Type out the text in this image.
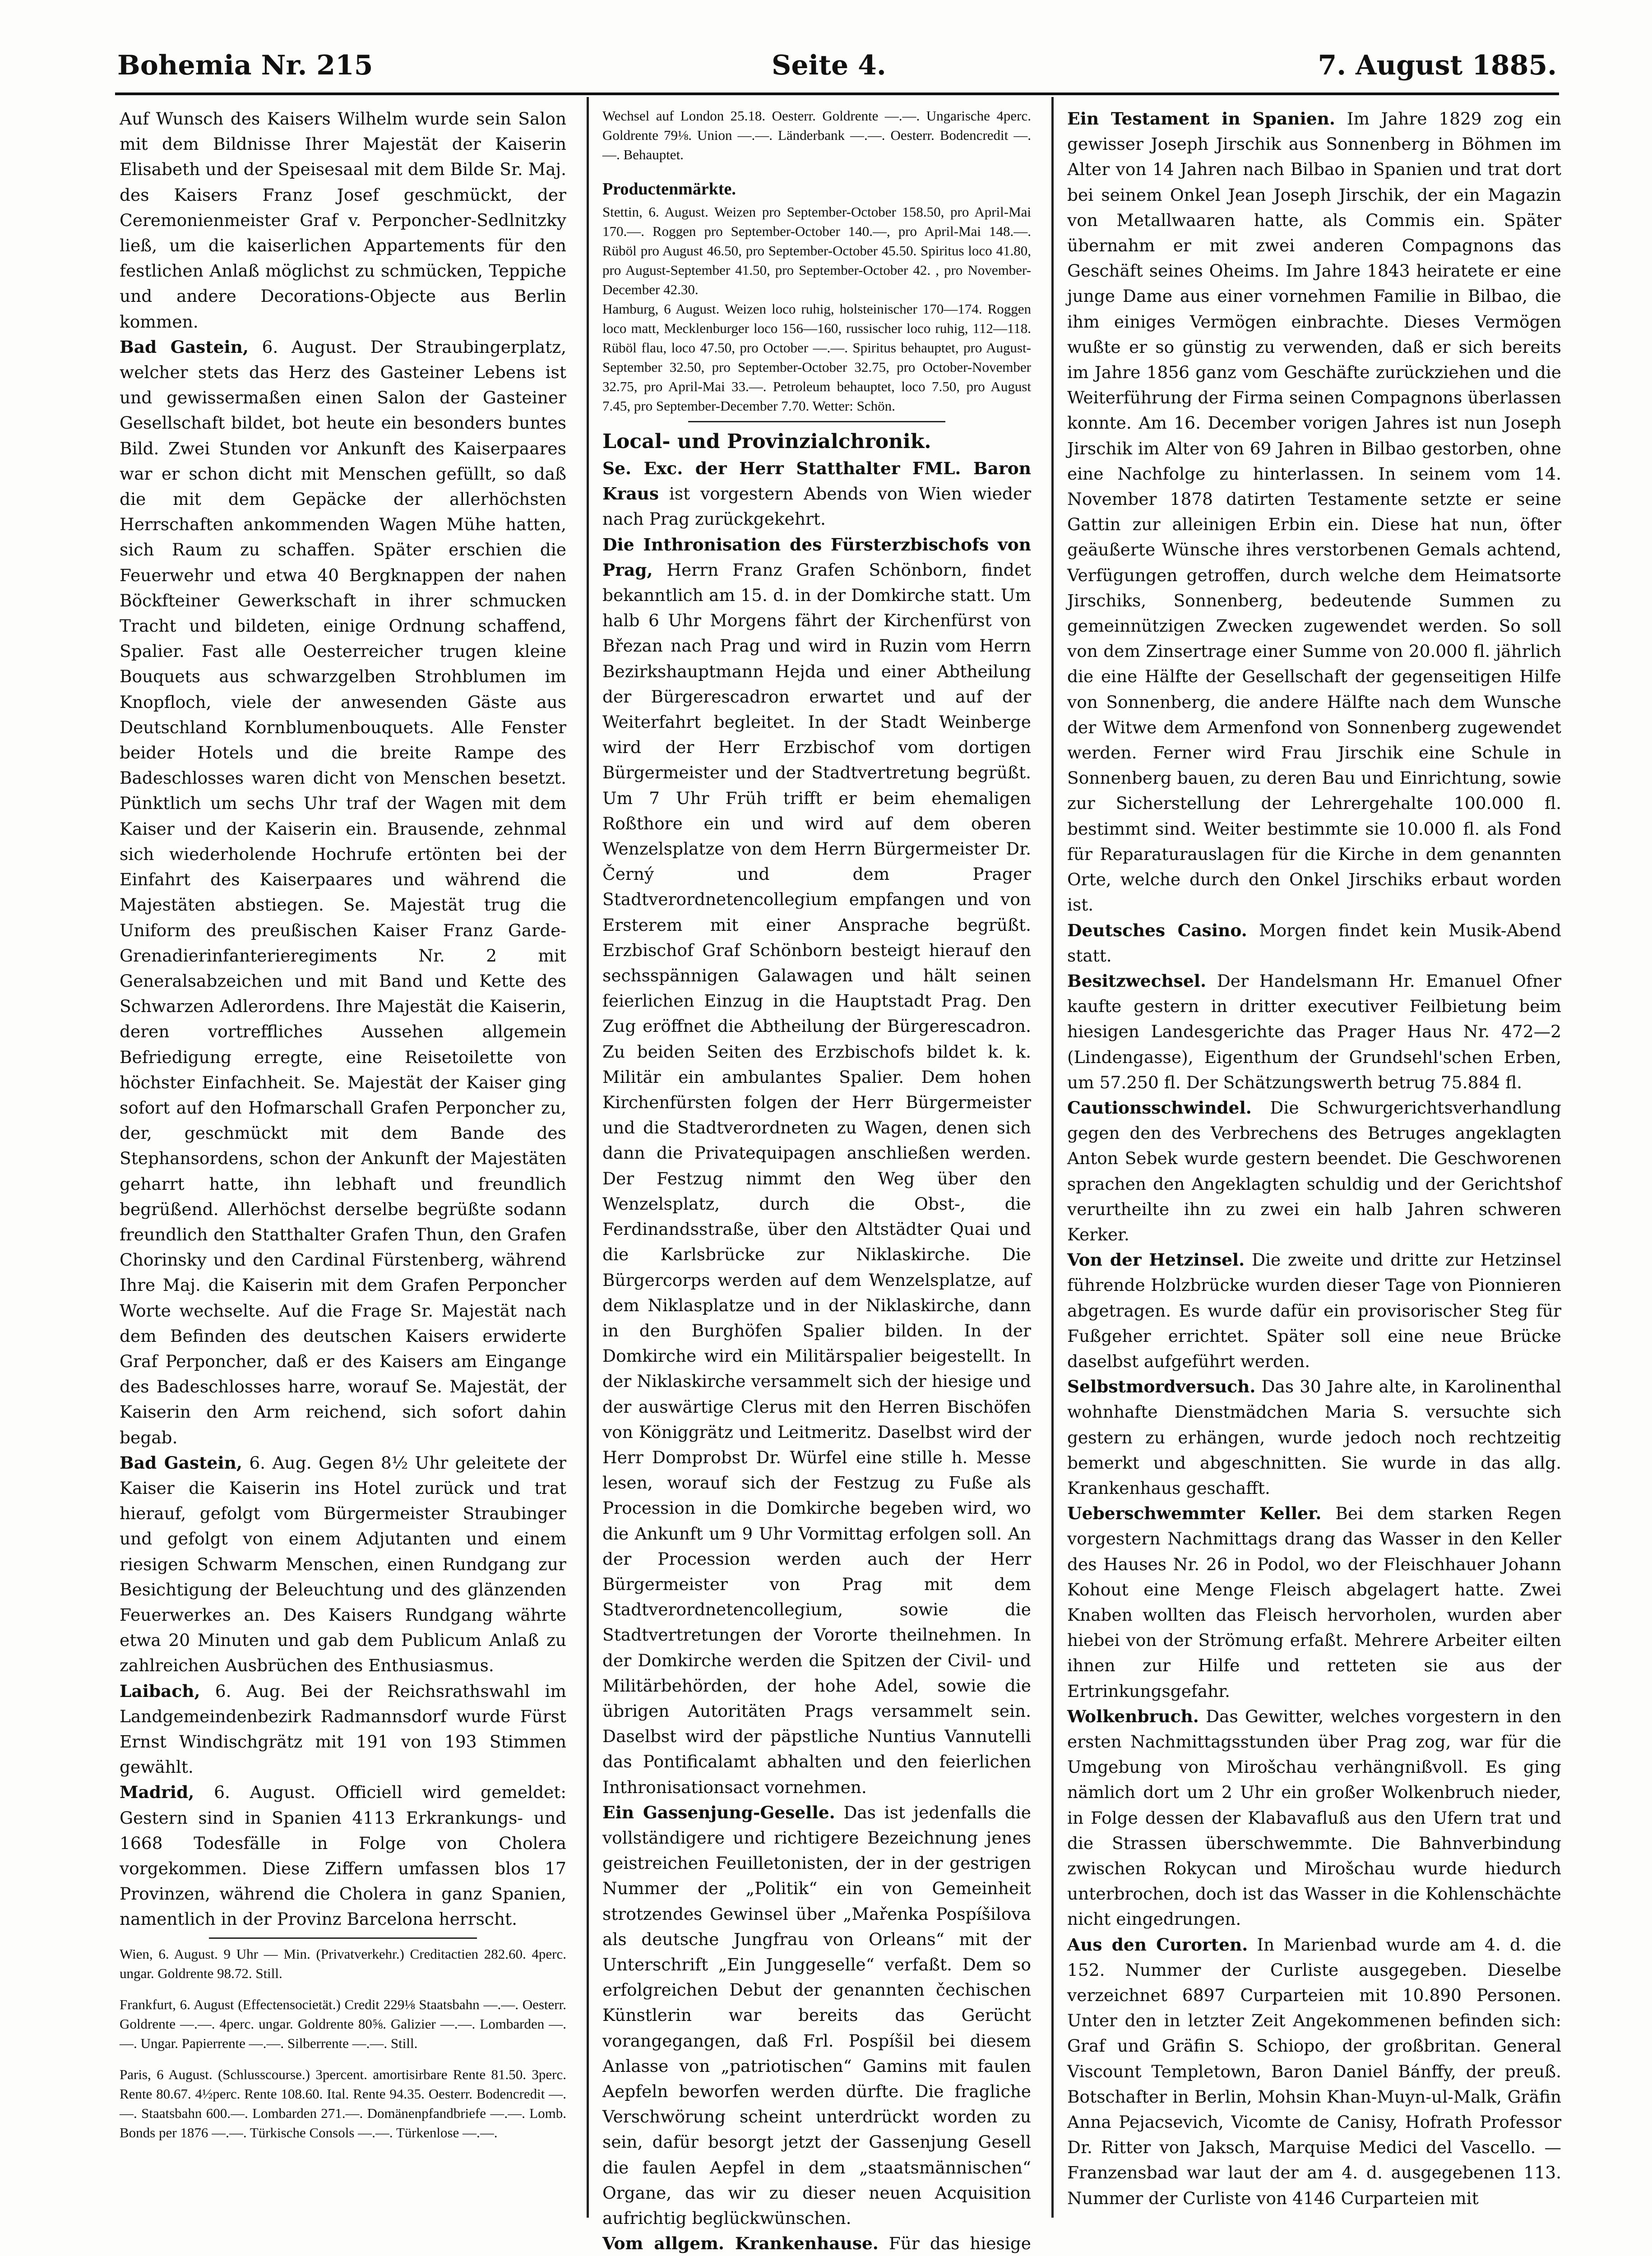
Bohemia Nr. 215	Seite 4.	7. August 1885.

Auf Wunsch des Kaisers Wilhelm wurde sein Salon mit dem Bildnisse Ihrer Majestät der Kaiserin Elisabeth und der Speisesaal mit dem Bilde Sr. Maj. des Kaisers Franz Josef geschmückt, der Ceremonienmeister Graf v. Perponcher-Sedlnitzky ließ, um die kaiserlichen Appartements für den festlichen Anlaß möglichst zu schmücken, Teppiche und andere Decorations-Objecte aus Berlin kommen.

Bad Gastein, 6. August. Der Straubingerplatz, welcher stets das Herz des Gasteiner Lebens ist und gewissermaßen einen Salon der Gasteiner Gesellschaft bildet, bot heute ein besonders buntes Bild. Zwei Stunden vor Ankunft des Kaiserpaares war er schon dicht mit Menschen gefüllt, so daß die mit dem Gepäcke der allerhöchsten Herrschaften ankommenden Wagen Mühe hatten, sich Raum zu schaffen. Später erschien die Feuerwehr und etwa 40 Bergknappen der nahen Böckfteiner Gewerkschaft in ihrer schmucken Tracht und bildeten, einige Ordnung schaffend, Spalier. Fast alle Oesterreicher trugen kleine Bouquets aus schwarzgelben Strohblumen im Knopfloch, viele der anwesenden Gäste aus Deutschland Kornblumenbouquets. Alle Fenster beider Hotels und die breite Rampe des Badeschlosses waren dicht von Menschen besetzt. Pünktlich um sechs Uhr traf der Wagen mit dem Kaiser und der Kaiserin ein. Brausende, zehnmal sich wiederholende Hochrufe ertönten bei der Einfahrt des Kaiserpaares und während die Majestäten abstiegen. Se. Majestät trug die Uniform des preußischen Kaiser Franz Garde-Grenadierinfanterieregiments Nr. 2 mit Generalsabzeichen und mit Band und Kette des Schwarzen Adlerordens. Ihre Majestät die Kaiserin, deren vortreffliches Aussehen allgemein Befriedigung erregte, eine Reisetoilette von höchster Einfachheit. Se. Majestät der Kaiser ging sofort auf den Hofmarschall Grafen Perponcher zu, der, geschmückt mit dem Bande des Stephansordens, schon der Ankunft der Majestäten geharrt hatte, ihn lebhaft und freundlich begrüßend. Allerhöchst derselbe begrüßte sodann freundlich den Statthalter Grafen Thun, den Grafen Chorinsky und den Cardinal Fürstenberg, während Ihre Maj. die Kaiserin mit dem Grafen Perponcher Worte wechselte. Auf die Frage Sr. Majestät nach dem Befinden des deutschen Kaisers erwiderte Graf Perponcher, daß er des Kaisers am Eingange des Badeschlosses harre, worauf Se. Majestät, der Kaiserin den Arm reichend, sich sofort dahin begab.

Bad Gastein, 6. Aug. Gegen 8½ Uhr geleitete der Kaiser die Kaiserin ins Hotel zurück und trat hierauf, gefolgt vom Bürgermeister Straubinger und gefolgt von einem Adjutanten und einem riesigen Schwarm Menschen, einen Rundgang zur Besichtigung der Beleuchtung und des glänzenden Feuerwerkes an. Des Kaisers Rundgang währte etwa 20 Minuten und gab dem Publicum Anlaß zu zahlreichen Ausbrüchen des Enthusiasmus.

Laibach, 6. Aug. Bei der Reichsrathswahl im Landgemeindenbezirk Radmannsdorf wurde Fürst Ernst Windischgrätz mit 191 von 193 Stimmen gewählt.

Madrid, 6. August. Officiell wird gemeldet: Gestern sind in Spanien 4113 Erkrankungs- und 1668 Todesfälle in Folge von Cholera vorgekommen. Diese Ziffern umfassen blos 17 Provinzen, während die Cholera in ganz Spanien, namentlich in der Provinz Barcelona herrscht.

Wien, 6. August. 9 Uhr — Min. (Privatverkehr.) Creditactien 282.60. 4perc. ungar. Goldrente 98.72. Still.

Frankfurt, 6. August (Effectensocietät.) Credit 229⅛ Staatsbahn —.—. Oesterr. Goldrente —.—. 4perc. ungar. Goldrente 80⅝. Galizier —.—. Lombarden —.—. Ungar. Papierrente —.—. Silberrente —.—. Still.

Paris, 6 August. (Schlusscourse.) 3percent. amortisirbare Rente 81.50. 3perc. Rente 80.67. 4½perc. Rente 108.60. Ital. Rente 94.35. Oesterr. Bodencredit —.—. Staatsbahn 600.—. Lombarden 271.—. Domänenpfandbriefe —.—. Lomb. Bonds per 1876 —.—. Türkische Consols —.—. Türkenlose —.—.

Wechsel auf London 25.18. Oesterr. Goldrente —.—. Ungarische 4perc. Goldrente 79⅛. Union —.—. Länderbank —.—. Oesterr. Bodencredit —.—. Behauptet.

Productenmärkte.

Stettin, 6. August. Weizen pro September-October 158.50, pro April-Mai 170.—. Roggen pro September-October 140.—, pro April-Mai 148.—. Rüböl pro August 46.50, pro September-October 45.50. Spiritus loco 41.80, pro August-September 41.50, pro September-October 42. , pro November-December 42.30.

Hamburg, 6 August. Weizen loco ruhig, holsteinischer 170—174. Roggen loco matt, Mecklenburger loco 156—160, russischer loco ruhig, 112—118. Rüböl flau, loco 47.50, pro October —.—. Spiritus behauptet, pro August-September 32.50, pro September-October 32.75, pro October-November 32.75, pro April-Mai 33.—. Petroleum behauptet, loco 7.50, pro August 7.45, pro September-December 7.70. Wetter: Schön.

Local- und Provinzialchronik.

Se. Exc. der Herr Statthalter FML. Baron Kraus ist vorgestern Abends von Wien wieder nach Prag zurückgekehrt.

Die Inthronisation des Fürsterzbischofs von Prag, Herrn Franz Grafen Schönborn, findet bekanntlich am 15. d. in der Domkirche statt. Um halb 6 Uhr Morgens fährt der Kirchenfürst von Březan nach Prag und wird in Ruzin vom Herrn Bezirkshauptmann Hejda und einer Abtheilung der Bürgerescadron erwartet und auf der Weiterfahrt begleitet. In der Stadt Weinberge wird der Herr Erzbischof vom dortigen Bürgermeister und der Stadtvertretung begrüßt. Um 7 Uhr Früh trifft er beim ehemaligen Roßthore ein und wird auf dem oberen Wenzelsplatze von dem Herrn Bürgermeister Dr. Černý und dem Prager Stadtverordnetencollegium empfangen und von Ersterem mit einer Ansprache begrüßt. Erzbischof Graf Schönborn besteigt hierauf den sechsspännigen Galawagen und hält seinen feierlichen Einzug in die Hauptstadt Prag. Den Zug eröffnet die Abtheilung der Bürgerescadron. Zu beiden Seiten des Erzbischofs bildet k. k. Militär ein ambulantes Spalier. Dem hohen Kirchenfürsten folgen der Herr Bürgermeister und die Stadtverordneten zu Wagen, denen sich dann die Privatequipagen anschließen werden. Der Festzug nimmt den Weg über den Wenzelsplatz, durch die Obst-, die Ferdinandsstraße, über den Altstädter Quai und die Karlsbrücke zur Niklaskirche. Die Bürgercorps werden auf dem Wenzelsplatze, auf dem Niklasplatze und in der Niklaskirche, dann in den Burghöfen Spalier bilden. In der Domkirche wird ein Militärspalier beigestellt. In der Niklaskirche versammelt sich der hiesige und der auswärtige Clerus mit den Herren Bischöfen von Königgrätz und Leitmeritz. Daselbst wird der Herr Domprobst Dr. Würfel eine stille h. Messe lesen, worauf sich der Festzug zu Fuße als Procession in die Domkirche begeben wird, wo die Ankunft um 9 Uhr Vormittag erfolgen soll. An der Procession werden auch der Herr Bürgermeister von Prag mit dem Stadtverordnetencollegium, sowie die Stadtvertretungen der Vororte theilnehmen. In der Domkirche werden die Spitzen der Civil- und Militärbehörden, der hohe Adel, sowie die übrigen Autoritäten Prags versammelt sein. Daselbst wird der päpstliche Nuntius Vannutelli das Pontificalamt abhalten und den feierlichen Inthronisationsact vornehmen.

Ein Gassenjung-Geselle. Das ist jedenfalls die vollständigere und richtigere Bezeichnung jenes geistreichen Feuilletonisten, der in der gestrigen Nummer der „Politik“ ein von Gemeinheit strotzendes Gewinsel über „Mařenka Pospíšilova als deutsche Jungfrau von Orleans“ mit der Unterschrift „Ein Junggeselle“ verfaßt. Dem so erfolgreichen Debut der genannten čechischen Künstlerin war bereits das Gerücht vorangegangen, daß Frl. Pospíšil bei diesem Anlasse von „patriotischen“ Gamins mit faulen Aepfeln beworfen werden dürfte. Die fragliche Verschwörung scheint unterdrückt worden zu sein, dafür besorgt jetzt der Gassenjung Gesell die faulen Aepfel in dem „staatsmännischen“ Organe, das wir zu dieser neuen Acquisition aufrichtig beglückwünschen.

Vom allgem. Krankenhause. Für das hiesige

Ein Testament in Spanien. Im Jahre 1829 zog ein gewisser Joseph Jirschik aus Sonnenberg in Böhmen im Alter von 14 Jahren nach Bilbao in Spanien und trat dort bei seinem Onkel Jean Joseph Jirschik, der ein Magazin von Metallwaaren hatte, als Commis ein. Später übernahm er mit zwei anderen Compagnons das Geschäft seines Oheims. Im Jahre 1843 heiratete er eine junge Dame aus einer vornehmen Familie in Bilbao, die ihm einiges Vermögen einbrachte. Dieses Vermögen wußte er so günstig zu verwenden, daß er sich bereits im Jahre 1856 ganz vom Geschäfte zurückziehen und die Weiterführung der Firma seinen Compagnons überlassen konnte. Am 16. December vorigen Jahres ist nun Joseph Jirschik im Alter von 69 Jahren in Bilbao gestorben, ohne eine Nachfolge zu hinterlassen. In seinem vom 14. November 1878 datirten Testamente setzte er seine Gattin zur alleinigen Erbin ein. Diese hat nun, öfter geäußerte Wünsche ihres verstorbenen Gemals achtend, Verfügungen getroffen, durch welche dem Heimatsorte Jirschiks, Sonnenberg, bedeutende Summen zu gemeinnützigen Zwecken zugewendet werden. So soll von dem Zinsertrage einer Summe von 20.000 fl. jährlich die eine Hälfte der Gesellschaft der gegenseitigen Hilfe von Sonnenberg, die andere Hälfte nach dem Wunsche der Witwe dem Armenfond von Sonnenberg zugewendet werden. Ferner wird Frau Jirschik eine Schule in Sonnenberg bauen, zu deren Bau und Einrichtung, sowie zur Sicherstellung der Lehrergehalte 100.000 fl. bestimmt sind. Weiter bestimmte sie 10.000 fl. als Fond für Reparaturauslagen für die Kirche in dem genannten Orte, welche durch den Onkel Jirschiks erbaut worden ist.

Deutsches Casino. Morgen findet kein Musik-Abend statt.

Besitzwechsel. Der Handelsmann Hr. Emanuel Ofner kaufte gestern in dritter executiver Feilbietung beim hiesigen Landesgerichte das Prager Haus Nr. 472—2 (Lindengasse), Eigenthum der Grundsehl'schen Erben, um 57.250 fl. Der Schätzungswerth betrug 75.884 fl.

Cautionsschwindel. Die Schwurgerichtsverhandlung gegen den des Verbrechens des Betruges angeklagten Anton Sebek wurde gestern beendet. Die Geschworenen sprachen den Angeklagten schuldig und der Gerichtshof verurtheilte ihn zu zwei ein halb Jahren schweren Kerker.

Von der Hetzinsel. Die zweite und dritte zur Hetzinsel führende Holzbrücke wurden dieser Tage von Pionnieren abgetragen. Es wurde dafür ein provisorischer Steg für Fußgeher errichtet. Später soll eine neue Brücke daselbst aufgeführt werden.

Selbstmordversuch. Das 30 Jahre alte, in Karolinenthal wohnhafte Dienstmädchen Maria S. versuchte sich gestern zu erhängen, wurde jedoch noch rechtzeitig bemerkt und abgeschnitten. Sie wurde in das allg. Krankenhaus geschafft.

Ueberschwemmter Keller. Bei dem starken Regen vorgestern Nachmittags drang das Wasser in den Keller des Hauses Nr. 26 in Podol, wo der Fleischhauer Johann Kohout eine Menge Fleisch abgelagert hatte. Zwei Knaben wollten das Fleisch hervorholen, wurden aber hiebei von der Strömung erfaßt. Mehrere Arbeiter eilten ihnen zur Hilfe und retteten sie aus der Ertrinkungsgefahr.

Wolkenbruch. Das Gewitter, welches vorgestern in den ersten Nachmittagsstunden über Prag zog, war für die Umgebung von Mirošchau verhängnißvoll. Es ging nämlich dort um 2 Uhr ein großer Wolkenbruch nieder, in Folge dessen der Klabavafluß aus den Ufern trat und die Strassen überschwemmte. Die Bahnverbindung zwischen Rokycan und Mirošchau wurde hiedurch unterbrochen, doch ist das Wasser in die Kohlenschächte nicht eingedrungen.

Aus den Curorten. In Marienbad wurde am 4. d. die 152. Nummer der Curliste ausgegeben. Dieselbe verzeichnet 6897 Curparteien mit 10.890 Personen. Unter den in letzter Zeit Angekommenen befinden sich: Graf und Gräfin S. Schiopo, der großbritan. General Viscount Templetown, Baron Daniel Bánffy, der preuß. Botschafter in Berlin, Mohsin Khan-Muyn-ul-Malk, Gräfin Anna Pejacsevich, Vicomte de Canisy, Hofrath Professor Dr. Ritter von Jaksch, Marquise Medici del Vascello. — Franzensbad war laut der am 4. d. ausgegebenen 113. Nummer der Curliste von 4146 Curparteien mit
